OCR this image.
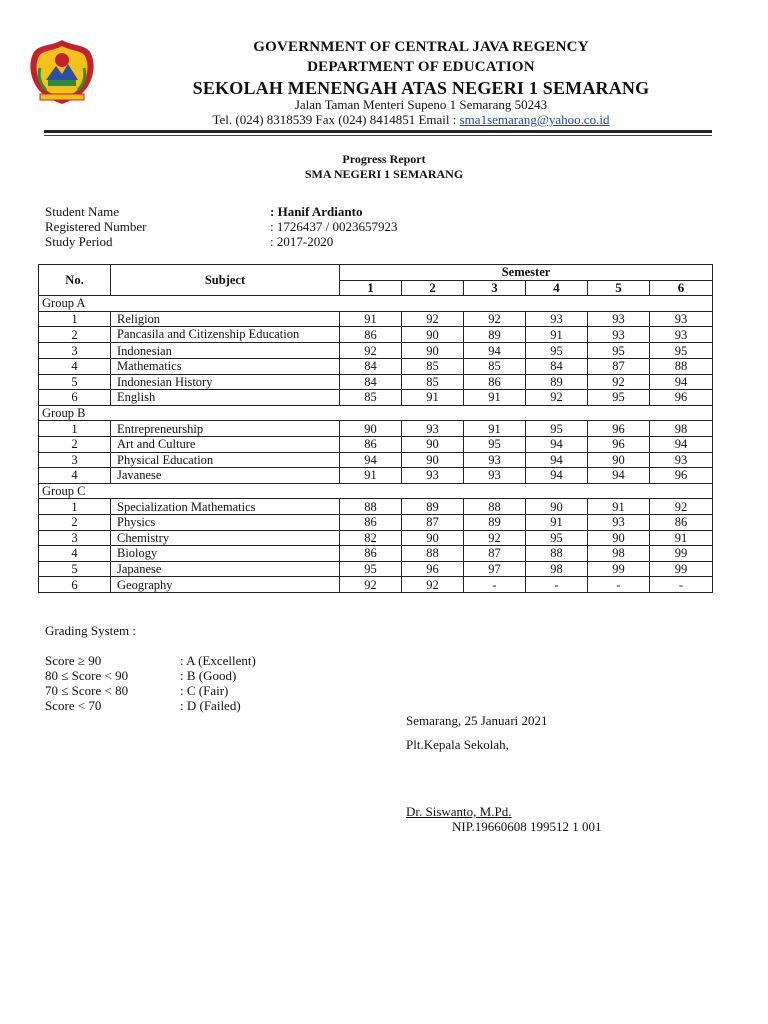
GOVERNMENT OF CENTRAL JAVA REGENCY
DEPARTMENT OF EDUCATION
SEKOLAH MENENGAH ATAS NEGERI 1 SEMARANG
Jalan Taman Menteri Supeno 1 Semarang 50243
Tel. (024) 8318539 Fax (024) 8414851 Email : sma1semarang@yahoo.co.id
Progress Report
SMA NEGERI 1 SEMARANG
Student Name	: Hanif Ardianto
Registered Number	: 1726437 / 0023657923
Study Period	: 2017-2020
No.	Subject	Semester					
		1	2	3	4	5	6
Group A							
1	Religion	91	92	92	93	93	93
2	Pancasila and Citizenship Education	86	90	89	91	93	93
3	Indonesian	92	90	94	95	95	95
4	Mathematics	84	85	85	84	87	88
5	Indonesian History	84	85	86	89	92	94
6	English	85	91	91	92	95	96
Group B							
1	Entrepreneurship	90	93	91	95	96	98
2	Art and Culture	86	90	95	94	96	94
3	Physical Education	94	90	93	94	90	93
4	Javanese	91	93	93	94	94	96
Group C							
1	Specialization Mathematics	88	89	88	90	91	92
2	Physics	86	87	89	91	93	86
3	Chemistry	82	90	92	95	90	91
4	Biology	86	88	87	88	98	99
5	Japanese	95	96	97	98	99	99
6	Geography	92	92	-	-	-	-
Grading System :
Score ≥ 90	: A (Excellent)
80 ≤ Score < 90	: B (Good)
70 ≤ Score < 80	: C (Fair)
Score < 70	: D (Failed)
Semarang, 25 Januari 2021
Plt.Kepala Sekolah,
Dr. Siswanto, M.Pd.
NIP.19660608 199512 1 001
